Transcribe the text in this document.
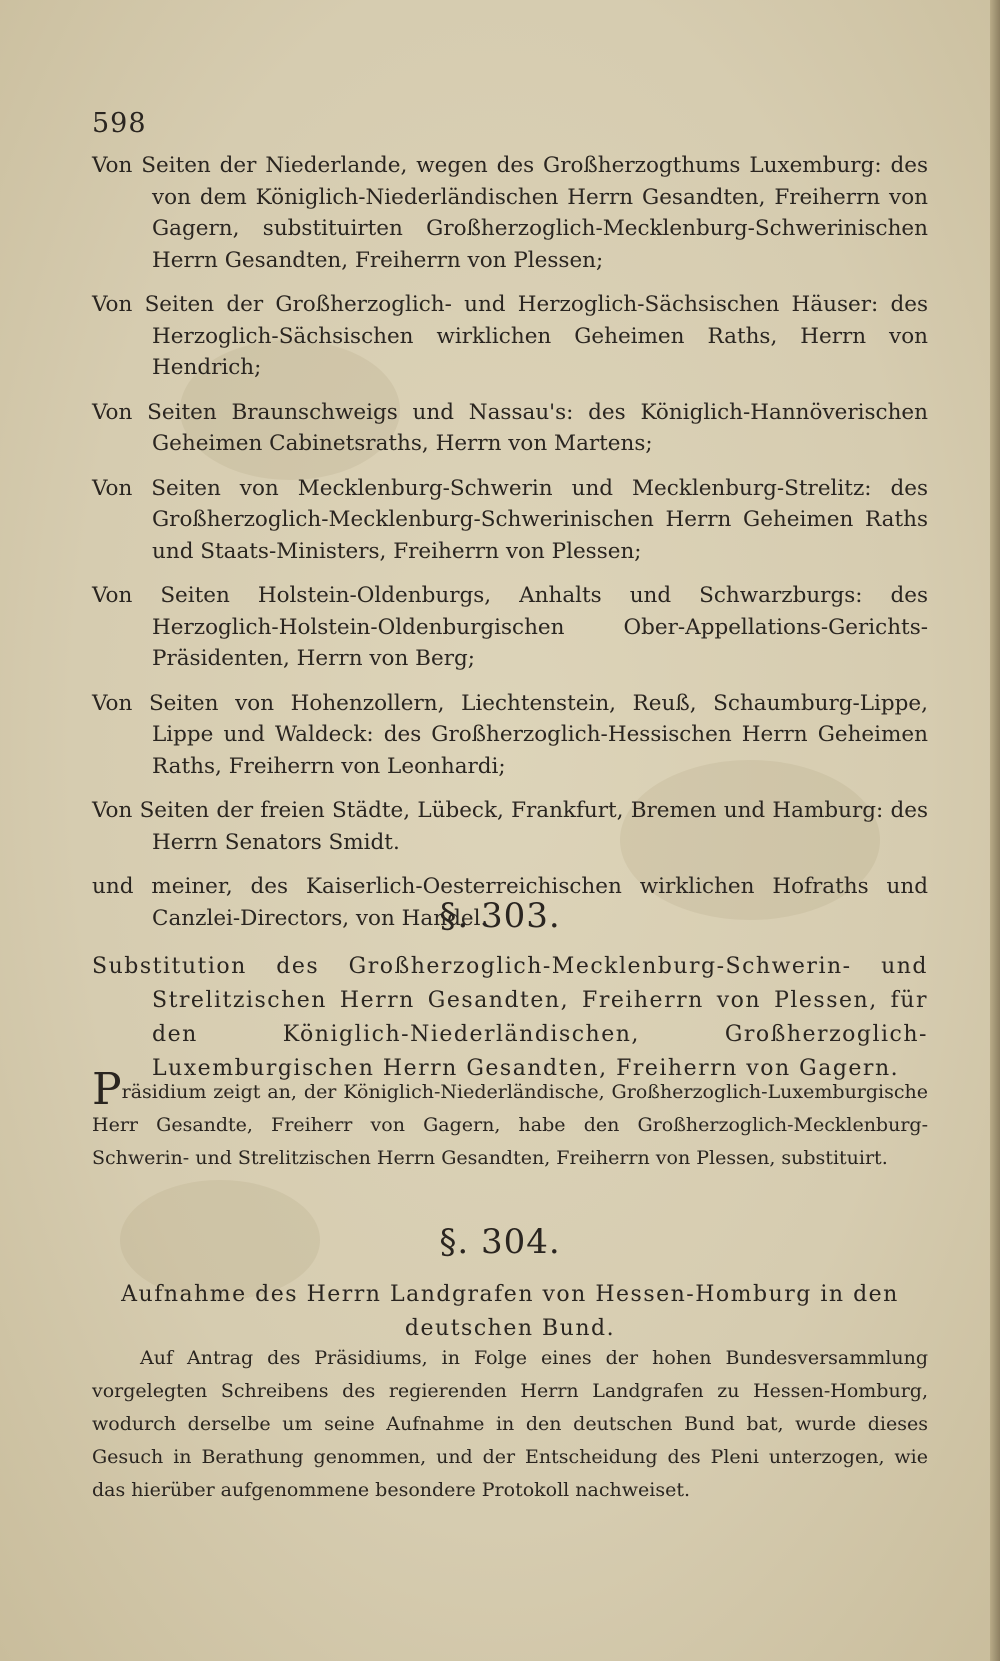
598

Von Seiten der Niederlande, wegen des Großherzogthums Luxemburg: des von dem Königlich-Niederländischen Herrn Gesandten, Freiherrn von Gagern, substituirten Großherzoglich-Mecklenburg-Schwerinischen Herrn Gesandten, Freiherrn von Plessen;

Von Seiten der Großherzoglich- und Herzoglich-Sächsischen Häuser: des Herzoglich-Sächsischen wirklichen Geheimen Raths, Herrn von Hendrich;

Von Seiten Braunschweigs und Nassau's: des Königlich-Hannöverischen Geheimen Cabinetsraths, Herrn von Martens;

Von Seiten von Mecklenburg-Schwerin und Mecklenburg-Strelitz: des Großherzoglich-Mecklenburg-Schwerinischen Herrn Geheimen Raths und Staats-Ministers, Freiherrn von Plessen;

Von Seiten Holstein-Oldenburgs, Anhalts und Schwarzburgs: des Herzoglich-Holstein-Oldenburgischen Ober-Appellations-Gerichts-Präsidenten, Herrn von Berg;

Von Seiten von Hohenzollern, Liechtenstein, Reuß, Schaumburg-Lippe, Lippe und Waldeck: des Großherzoglich-Hessischen Herrn Geheimen Raths, Freiherrn von Leonhardi;

Von Seiten der freien Städte, Lübeck, Frankfurt, Bremen und Hamburg: des Herrn Senators Smidt.

und meiner, des Kaiserlich-Oesterreichischen wirklichen Hofraths und Canzlei-Directors, von Handel.

§. 303.
Substitution des Großherzoglich-Mecklenburg-Schwerin- und Strelitzischen Herrn Gesandten, Freiherrn von Plessen, für den Königlich-Niederländischen, Großherzoglich-Luxemburgischen Herrn Gesandten, Freiherrn von Gagern.
Präsidium zeigt an, der Königlich-Niederländische, Großherzoglich-Luxemburgische Herr Gesandte, Freiherr von Gagern, habe den Großherzoglich-Mecklenburg-Schwerin- und Strelitzischen Herrn Gesandten, Freiherrn von Plessen, substituirt.
§. 304.
Aufnahme des Herrn Landgrafen von Hessen-Homburg in den deutschen Bund.
Auf Antrag des Präsidiums, in Folge eines der hohen Bundesversammlung vorgelegten Schreibens des regierenden Herrn Landgrafen zu Hessen-Homburg, wodurch derselbe um seine Aufnahme in den deutschen Bund bat, wurde dieses Gesuch in Berathung genommen, und der Entscheidung des Pleni unterzogen, wie das hierüber aufgenommene besondere Protokoll nachweiset.
